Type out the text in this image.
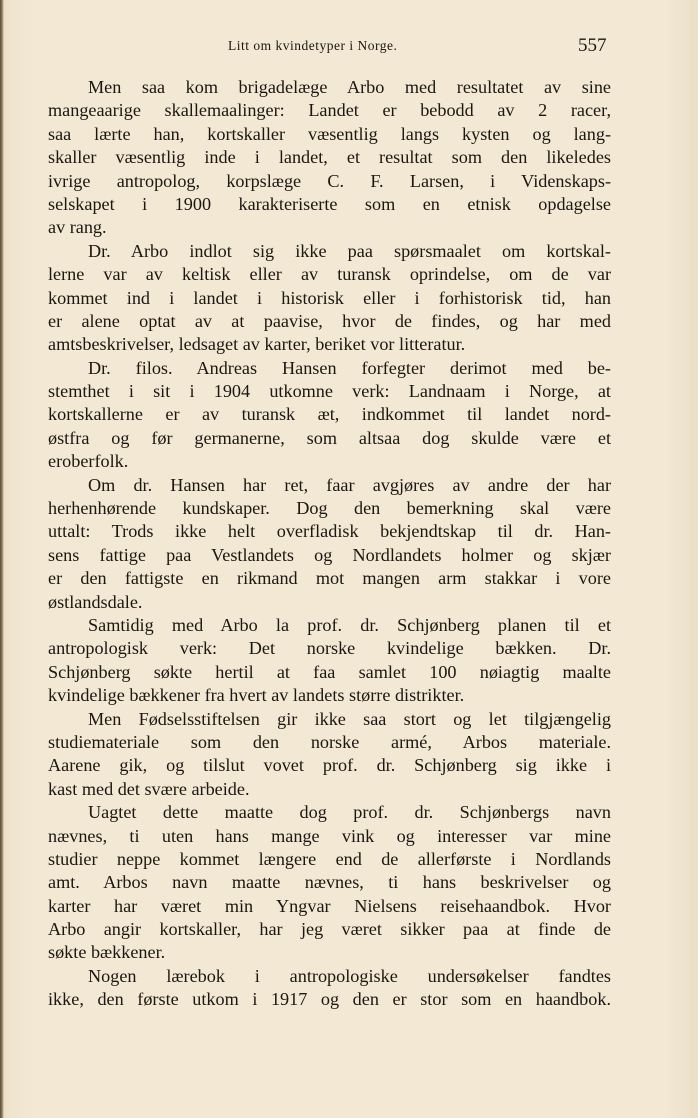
Litt om kvindetyper i Norge.	557
Men saa kom brigadelæge Arbo med resultatet av sine
mangeaarige skallemaalinger: Landet er bebodd av 2 racer,
saa lærte han, kortskaller væsentlig langs kysten og lang-
skaller væsentlig inde i landet, et resultat som den likeledes
ivrige antropolog, korpslæge C. F. Larsen, i Videnskaps-
selskapet i 1900 karakteriserte som en etnisk opdagelse
av rang.
Dr. Arbo indlot sig ikke paa spørsmaalet om kortskal-
lerne var av keltisk eller av turansk oprindelse, om de var
kommet ind i landet i historisk eller i forhistorisk tid, han
er alene optat av at paavise, hvor de findes, og har med
amtsbeskrivelser, ledsaget av karter, beriket vor litteratur.
Dr. filos. Andreas Hansen forfegter derimot med be-
stemthet i sit i 1904 utkomne verk: Landnaam i Norge, at
kortskallerne er av turansk æt, indkommet til landet nord-
østfra og før germanerne, som altsaa dog skulde være et
eroberfolk.
Om dr. Hansen har ret, faar avgjøres av andre der har
herhenhørende kundskaper. Dog den bemerkning skal være
uttalt: Trods ikke helt overfladisk bekjendtskap til dr. Han-
sens fattige paa Vestlandets og Nordlandets holmer og skjær
er den fattigste en rikmand mot mangen arm stakkar i vore
østlandsdale.
Samtidig med Arbo la prof. dr. Schjønberg planen til et
antropologisk verk: Det norske kvindelige bækken. Dr.
Schjønberg søkte hertil at faa samlet 100 nøiagtig maalte
kvindelige bækkener fra hvert av landets større distrikter.
Men Fødselsstiftelsen gir ikke saa stort og let tilgjængelig
studiemateriale som den norske armé, Arbos materiale.
Aarene gik, og tilslut vovet prof. dr. Schjønberg sig ikke i
kast med det svære arbeide.
Uagtet dette maatte dog prof. dr. Schjønbergs navn
nævnes, ti uten hans mange vink og interesser var mine
studier neppe kommet længere end de allerførste i Nordlands
amt. Arbos navn maatte nævnes, ti hans beskrivelser og
karter har været min Yngvar Nielsens reisehaandbok. Hvor
Arbo angir kortskaller, har jeg været sikker paa at finde de
søkte bækkener.
Nogen lærebok i antropologiske undersøkelser fandtes
ikke, den første utkom i 1917 og den er stor som en haandbok.
